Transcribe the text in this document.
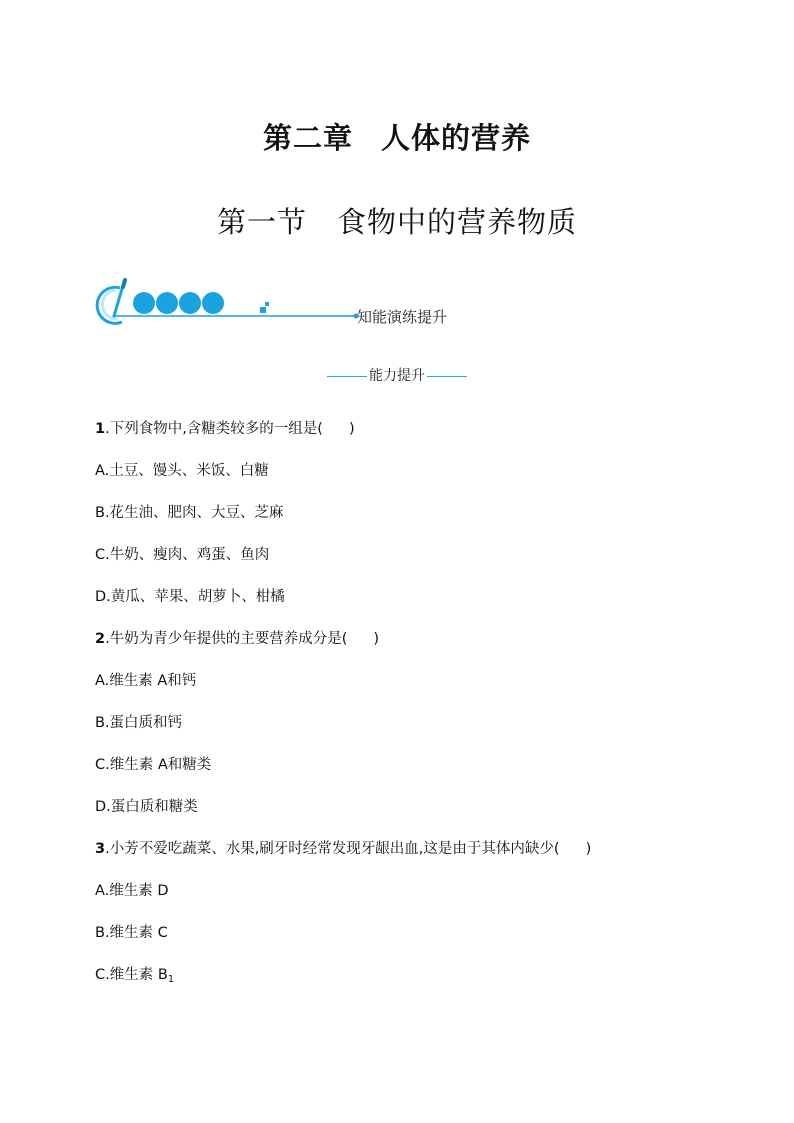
第二章 人体的营养
第一节 食物中的营养物质
知能演练提升
能力提升
1.下列食物中,含糖类较多的一组是( )
A.土豆、馒头、米饭、白糖
B.花生油、肥肉、大豆、芝麻
C.牛奶、瘦肉、鸡蛋、鱼肉
D.黄瓜、苹果、胡萝卜、柑橘
2.牛奶为青少年提供的主要营养成分是( )
A.维生素 A和钙
B.蛋白质和钙
C.维生素 A和糖类
D.蛋白质和糖类
3.小芳不爱吃蔬菜、水果,刷牙时经常发现牙龈出血,这是由于其体内缺少( )
A.维生素 D
B.维生素 C
C.维生素 $B_1$
